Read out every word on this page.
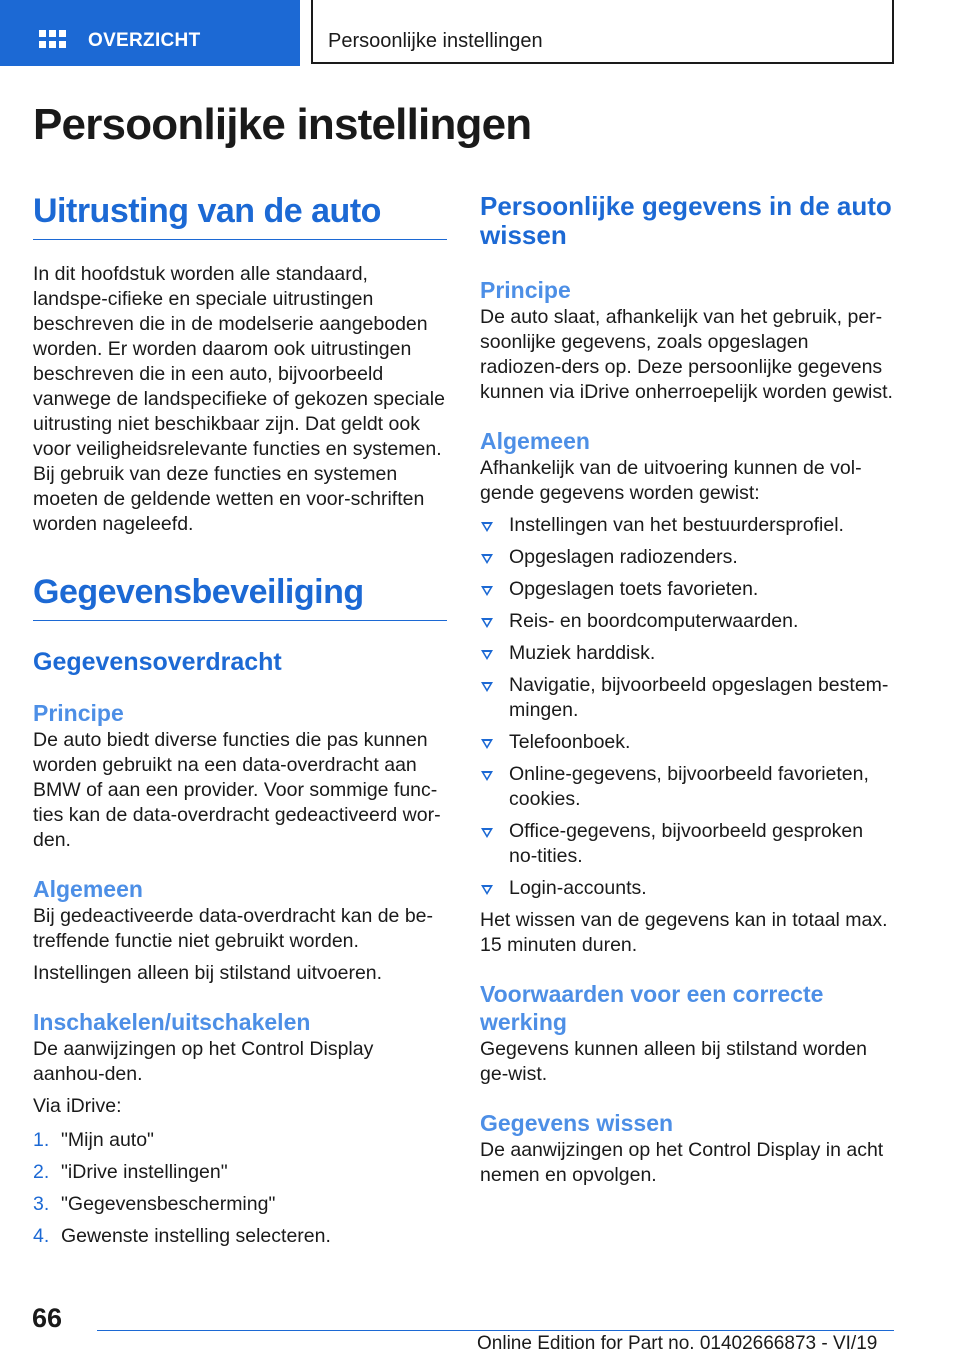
OVERZICHT	Persoonlijke instellingen
Persoonlijke instellingen
Uitrusting van de auto

In dit hoofdstuk worden alle standaard, landspe-cifieke en speciale uitrustingen beschreven die in de modelserie aangeboden worden. Er worden daarom ook uitrustingen beschreven die in een auto, bijvoorbeeld vanwege de landspecifieke of gekozen speciale uitrusting niet beschikbaar zijn. Dat geldt ook voor veiligheidsrelevante functies en systemen. Bij gebruik van deze functies en systemen moeten de geldende wetten en voor-schriften worden nageleefd.

Gegevensbeveiliging
Gegevensoverdracht
Principe

De auto biedt diverse functies die pas kunnen worden gebruikt na een data-overdracht aan BMW of aan een provider. Voor sommige func-ties kan de data-overdracht gedeactiveerd wor-den.

Algemeen

Bij gedeactiveerde data-overdracht kan de be-treffende functie niet gebruikt worden.

Instellingen alleen bij stilstand uitvoeren.

Inschakelen/uitschakelen

De aanwijzingen op het Control Display aanhou-den.

Via iDrive:

1. "Mijn auto"
2. "iDrive instellingen"
3. "Gegevensbescherming"
4. Gewenste instelling selecteren.
Persoonlijke gegevens in de auto wissen
Principe

De auto slaat, afhankelijk van het gebruik, per-soonlijke gegevens, zoals opgeslagen radiozen-ders op. Deze persoonlijke gegevens kunnen via iDrive onherroepelijk worden gewist.

Algemeen

Afhankelijk van de uitvoering kunnen de vol-gende gegevens worden gewist:

Instellingen van het bestuurdersprofiel.
Opgeslagen radiozenders.
Opgeslagen toets favorieten.
Reis- en boordcomputerwaarden.
Muziek harddisk.
Navigatie, bijvoorbeeld opgeslagen bestem-mingen.
Telefoonboek.
Online-gegevens, bijvoorbeeld favorieten, cookies.
Office-gegevens, bijvoorbeeld gesproken no-tities.
Login-accounts.

Het wissen van de gegevens kan in totaal max. 15 minuten duren.

Voorwaarden voor een correcte werking

Gegevens kunnen alleen bij stilstand worden ge-wist.

Gegevens wissen

De aanwijzingen op het Control Display in acht nemen en opvolgen.

66
Online Edition for Part no. 01402666873 - VI/19
